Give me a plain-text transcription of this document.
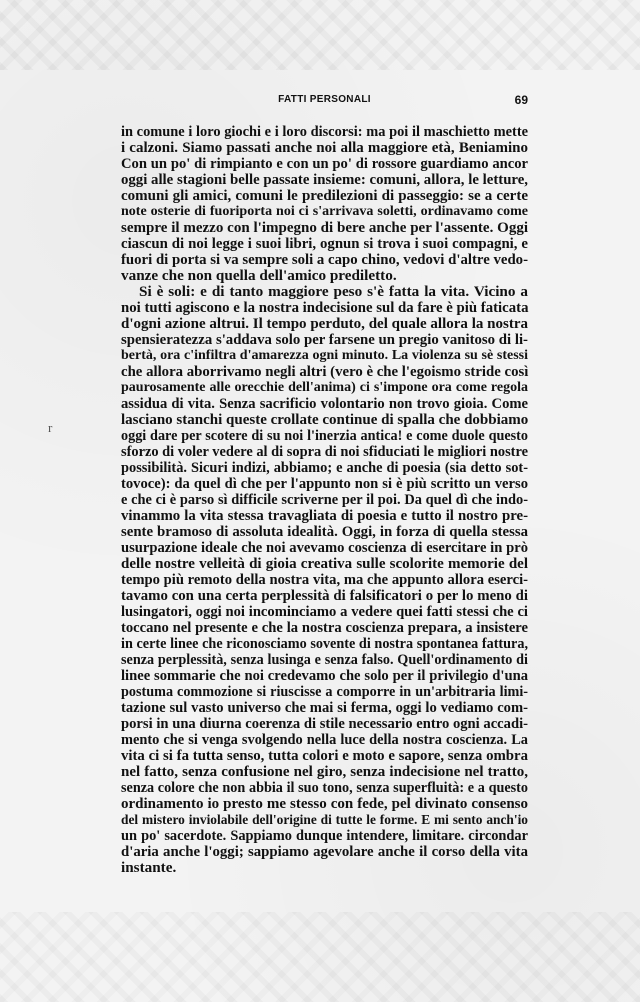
FATTI PERSONALI	69
r
in comune i loro giochi e i loro discorsi: ma poi il maschietto mette
i calzoni. Siamo passati anche noi alla maggiore età, Beniamino
Con un po' di rimpianto e con un po' di rossore guardiamo ancor
oggi alle stagioni belle passate insieme: comuni, allora, le letture,
comuni gli amici, comuni le predilezioni di passeggio: se a certe
note osterie di fuoriporta noi ci s'arrivava soletti, ordinavamo come
sempre il mezzo con l'impegno di bere anche per l'assente. Oggi
ciascun di noi legge i suoi libri, ognun si trova i suoi compagni, e
fuori di porta si va sempre soli a capo chino, vedovi d'altre vedo-
vanze che non quella dell'amico prediletto.
Si è soli: e di tanto maggiore peso s'è fatta la vita. Vicino a
noi tutti agiscono e la nostra indecisione sul da fare è più faticata
d'ogni azione altrui. Il tempo perduto, del quale allora la nostra
spensieratezza s'addava solo per farsene un pregio vanitoso di li-
bertà, ora c'infiltra d'amarezza ogni minuto. La violenza su sè stessi
che allora aborrivamo negli altri (vero è che l'egoismo stride così
paurosamente alle orecchie dell'anima) ci s'impone ora come regola
assidua di vita. Senza sacrificio volontario non trovo gioia. Come
lasciano stanchi queste crollate continue di spalla che dobbiamo
oggi dare per scotere di su noi l'inerzia antica! e come duole questo
sforzo di voler vedere al di sopra di noi sfiduciati le migliori nostre
possibilità. Sicuri indizi, abbiamo; e anche di poesia (sia detto sot-
tovoce): da quel dì che per l'appunto non si è più scritto un verso
e che ci è parso sì difficile scriverne per il poi. Da quel dì che indo-
vinammo la vita stessa travagliata di poesia e tutto il nostro pre-
sente bramoso di assoluta idealità. Oggi, in forza di quella stessa
usurpazione ideale che noi avevamo coscienza di esercitare in prò
delle nostre velleità di gioia creativa sulle scolorite memorie del
tempo più remoto della nostra vita, ma che appunto allora eserci-
tavamo con una certa perplessità di falsificatori o per lo meno di
lusingatori, oggi noi incominciamo a vedere quei fatti stessi che ci
toccano nel presente e che la nostra coscienza prepara, a insistere
in certe linee che riconosciamo sovente di nostra spontanea fattura,
senza perplessità, senza lusinga e senza falso. Quell'ordinamento di
linee sommarie che noi credevamo che solo per il privilegio d'una
postuma commozione si riuscisse a comporre in un'arbitraria limi-
tazione sul vasto universo che mai si ferma, oggi lo vediamo com-
porsi in una diurna coerenza di stile necessario entro ogni accadi-
mento che si venga svolgendo nella luce della nostra coscienza. La
vita ci si fa tutta senso, tutta colori e moto e sapore, senza ombra
nel fatto, senza confusione nel giro, senza indecisione nel tratto,
senza colore che non abbia il suo tono, senza superfluità: e a questo
ordinamento io presto me stesso con fede, pel divinato consenso
del mistero inviolabile dell'origine di tutte le forme. E mi sento anch'io
un po' sacerdote. Sappiamo dunque intendere, limitare. circondar
d'aria anche l'oggi; sappiamo agevolare anche il corso della vita
instante.
